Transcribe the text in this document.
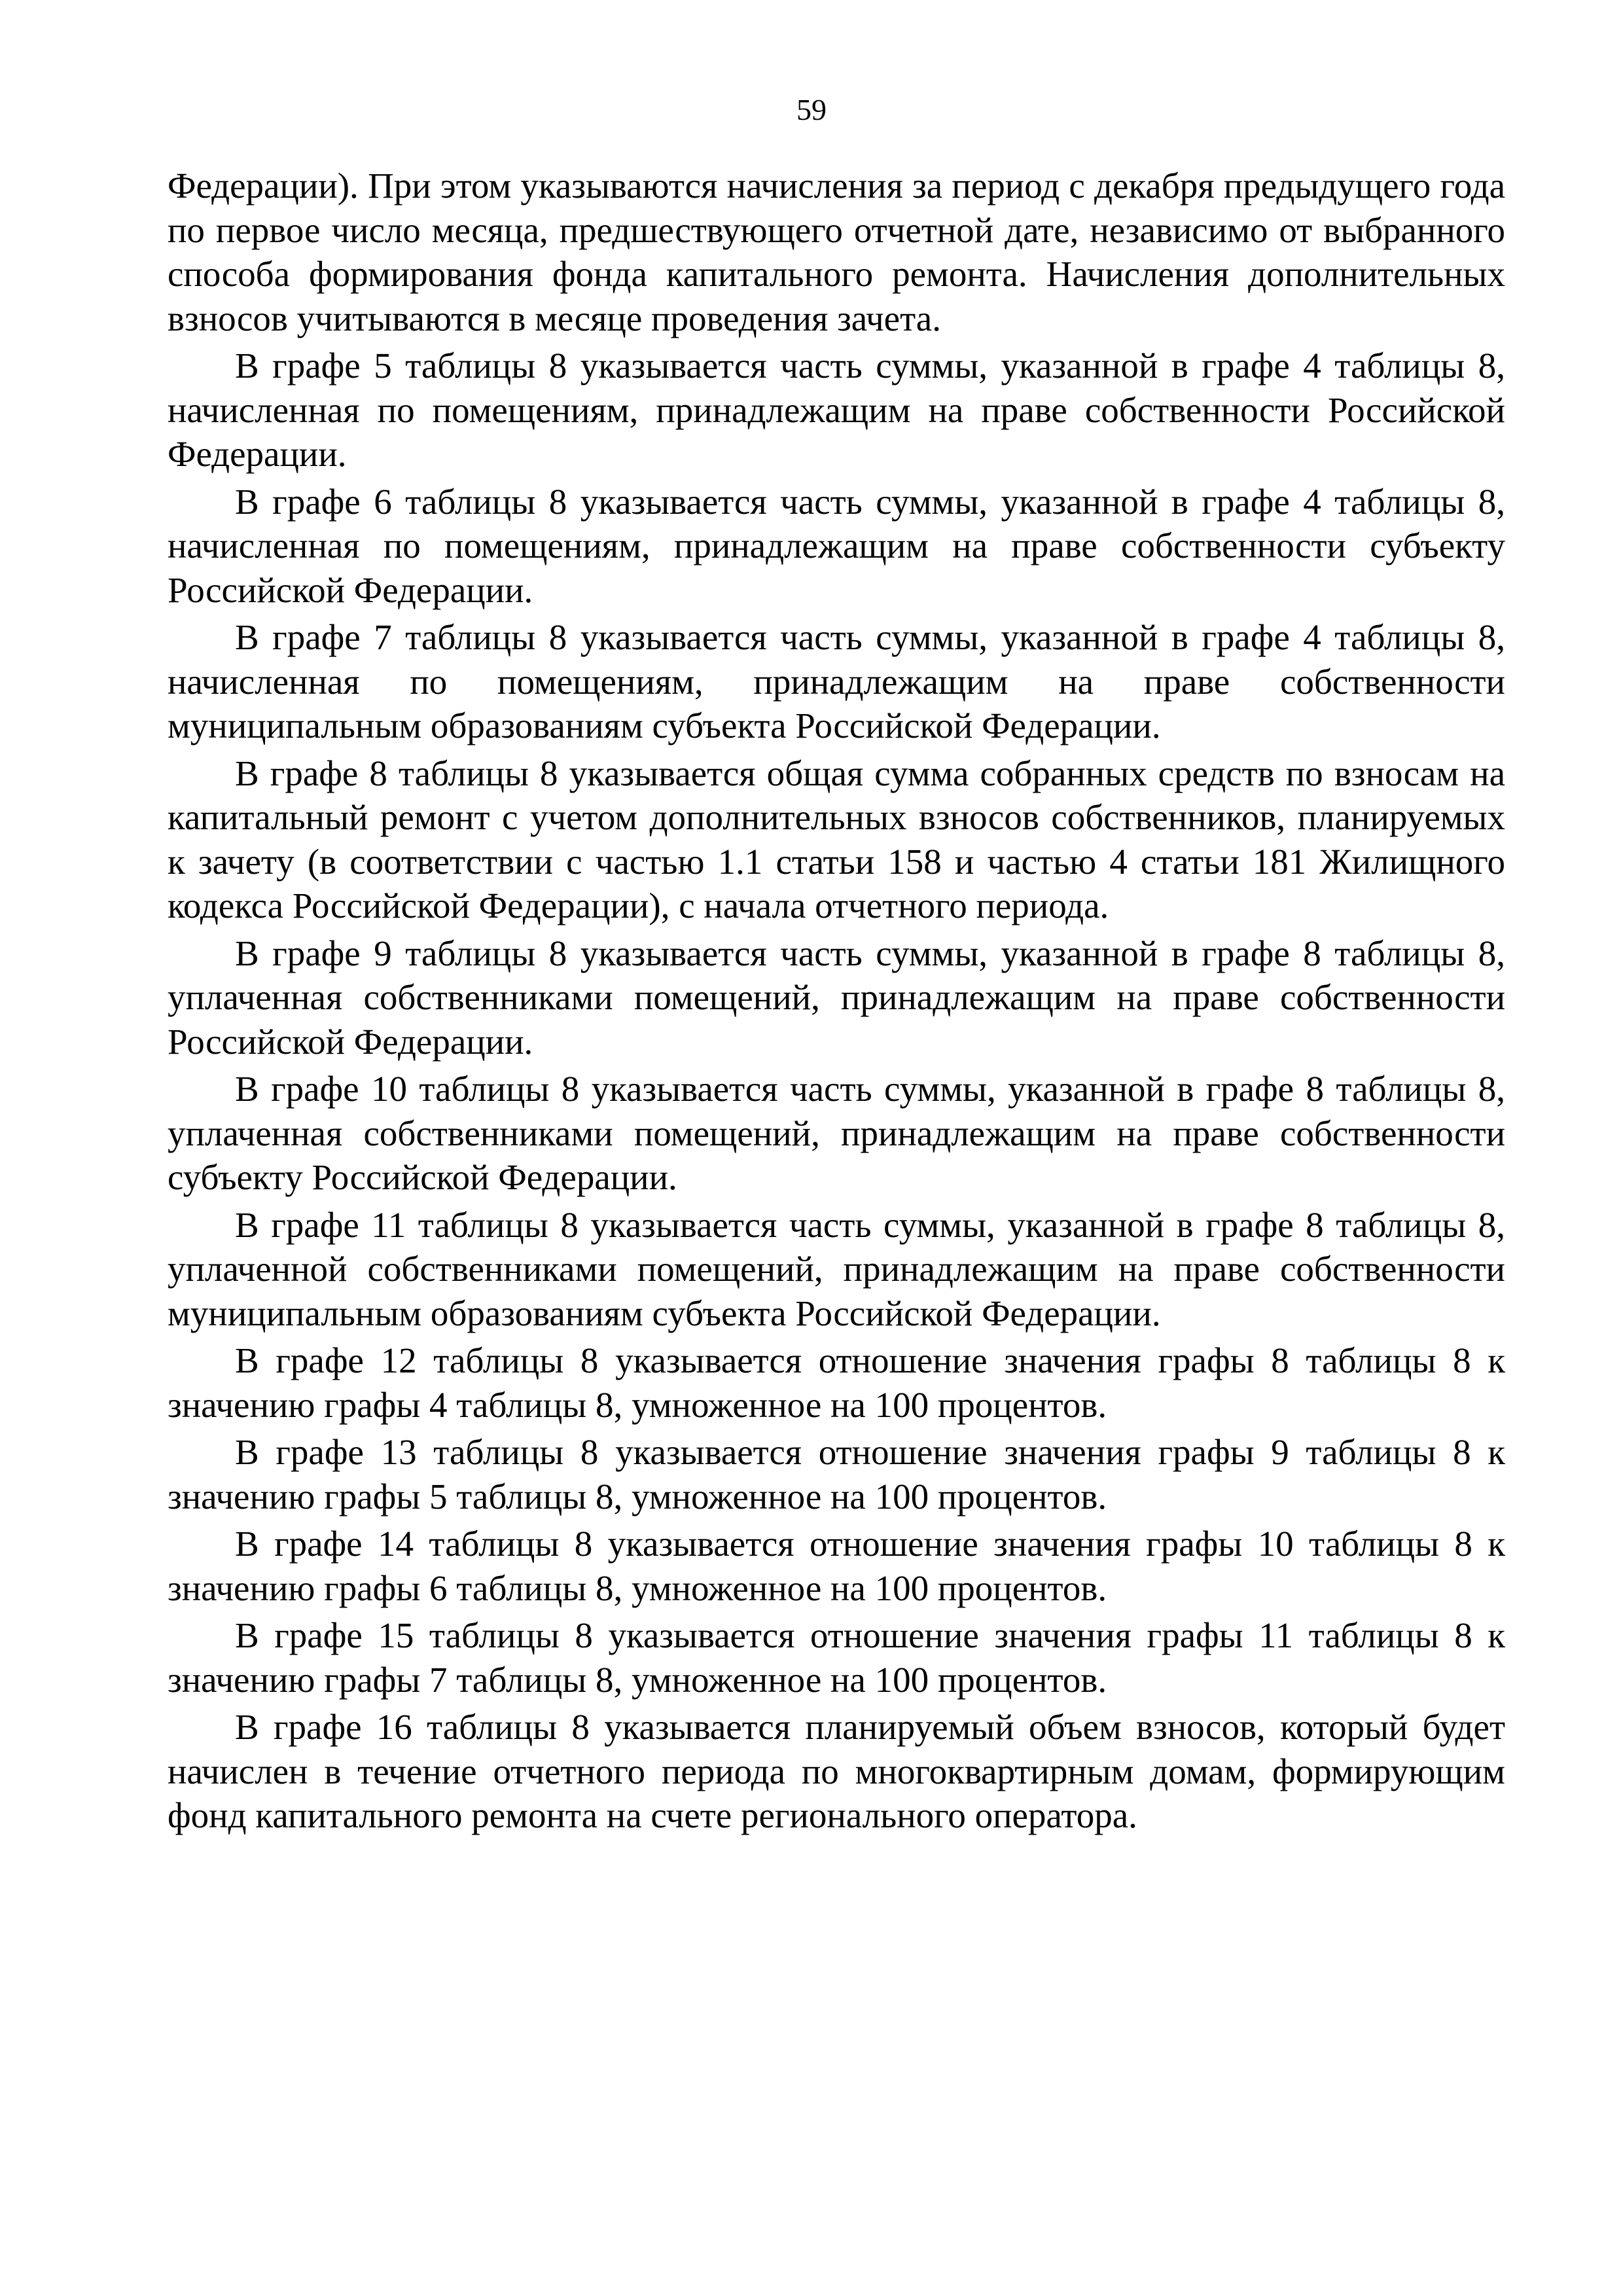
59

Федерации). При этом указываются начисления за период с декабря предыдущего года по первое число месяца, предшествующего отчетной дате, независимо от выбранного способа формирования фонда капитального ремонта. Начисления дополнительных взносов учитываются в месяце проведения зачета.

В графе 5 таблицы 8 указывается часть суммы, указанной в графе 4 таблицы 8, начисленная по помещениям, принадлежащим на праве собственности Российской Федерации.

В графе 6 таблицы 8 указывается часть суммы, указанной в графе 4 таблицы 8, начисленная по помещениям, принадлежащим на праве собственности субъекту Российской Федерации.

В графе 7 таблицы 8 указывается часть суммы, указанной в графе 4 таблицы 8, начисленная по помещениям, принадлежащим на праве собственности муниципальным образованиям субъекта Российской Федерации.

В графе 8 таблицы 8 указывается общая сумма собранных средств по взносам на капитальный ремонт с учетом дополнительных взносов собственников, планируемых к зачету (в соответствии с частью 1.1 статьи 158 и частью 4 статьи 181 Жилищного кодекса Российской Федерации), с начала отчетного периода.

В графе 9 таблицы 8 указывается часть суммы, указанной в графе 8 таблицы 8, уплаченная собственниками помещений, принадлежащим на праве собственности Российской Федерации.

В графе 10 таблицы 8 указывается часть суммы, указанной в графе 8 таблицы 8, уплаченная собственниками помещений, принадлежащим на праве собственности субъекту Российской Федерации.

В графе 11 таблицы 8 указывается часть суммы, указанной в графе 8 таблицы 8, уплаченной собственниками помещений, принадлежащим на праве собственности муниципальным образованиям субъекта Российской Федерации.

В графе 12 таблицы 8 указывается отношение значения графы 8 таблицы 8 к значению графы 4 таблицы 8, умноженное на 100 процентов.

В графе 13 таблицы 8 указывается отношение значения графы 9 таблицы 8 к значению графы 5 таблицы 8, умноженное на 100 процентов.

В графе 14 таблицы 8 указывается отношение значения графы 10 таблицы 8 к значению графы 6 таблицы 8, умноженное на 100 процентов.

В графе 15 таблицы 8 указывается отношение значения графы 11 таблицы 8 к значению графы 7 таблицы 8, умноженное на 100 процентов.

В графе 16 таблицы 8 указывается планируемый объем взносов, который будет начислен в течение отчетного периода по многоквартирным домам, формирующим фонд капитального ремонта на счете регионального оператора.
